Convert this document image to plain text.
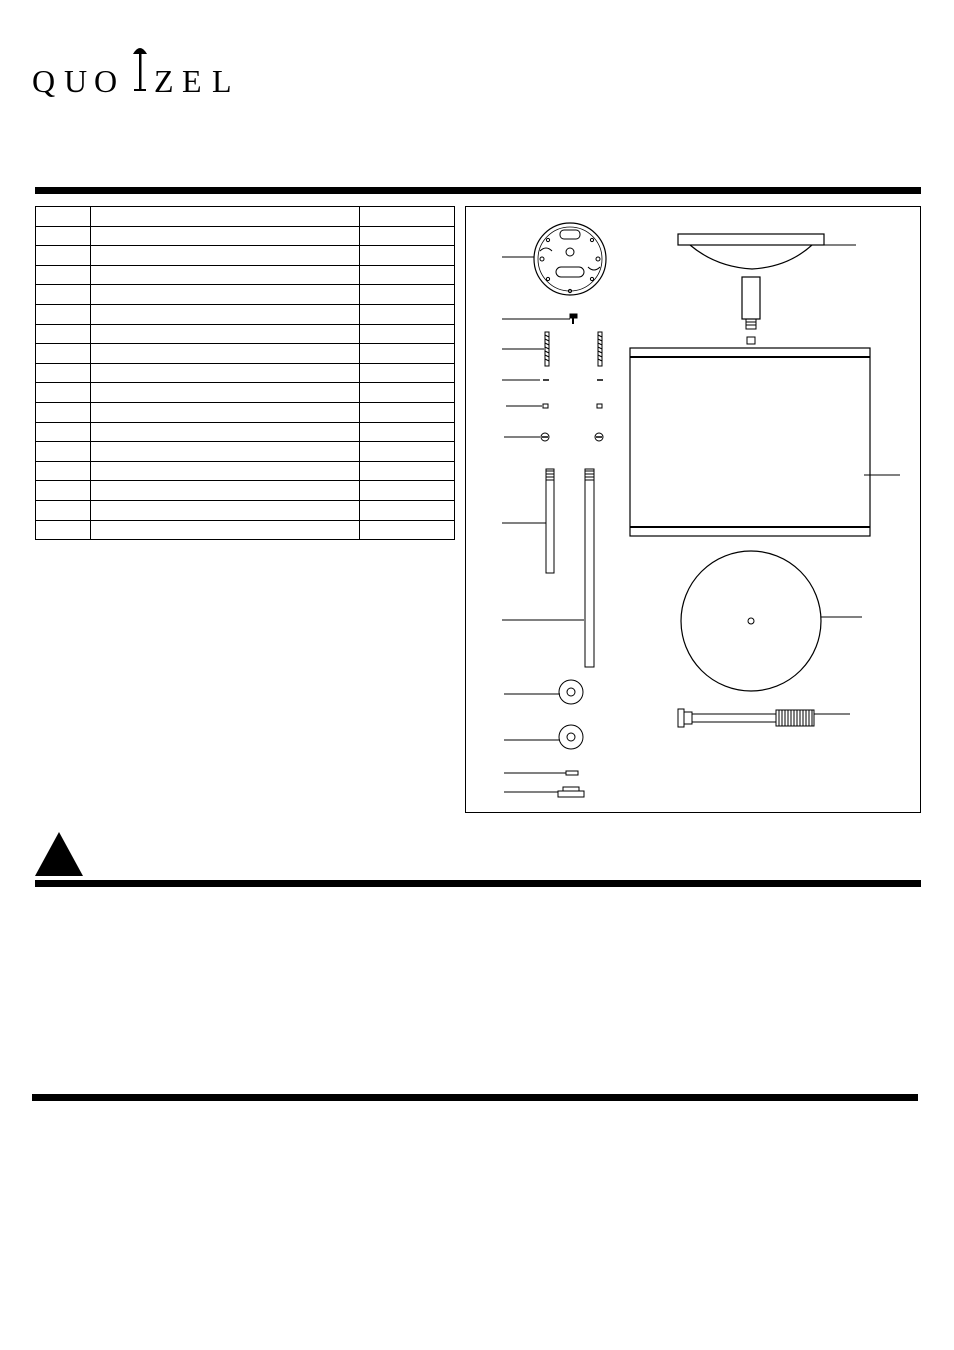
Q U O Z E L
